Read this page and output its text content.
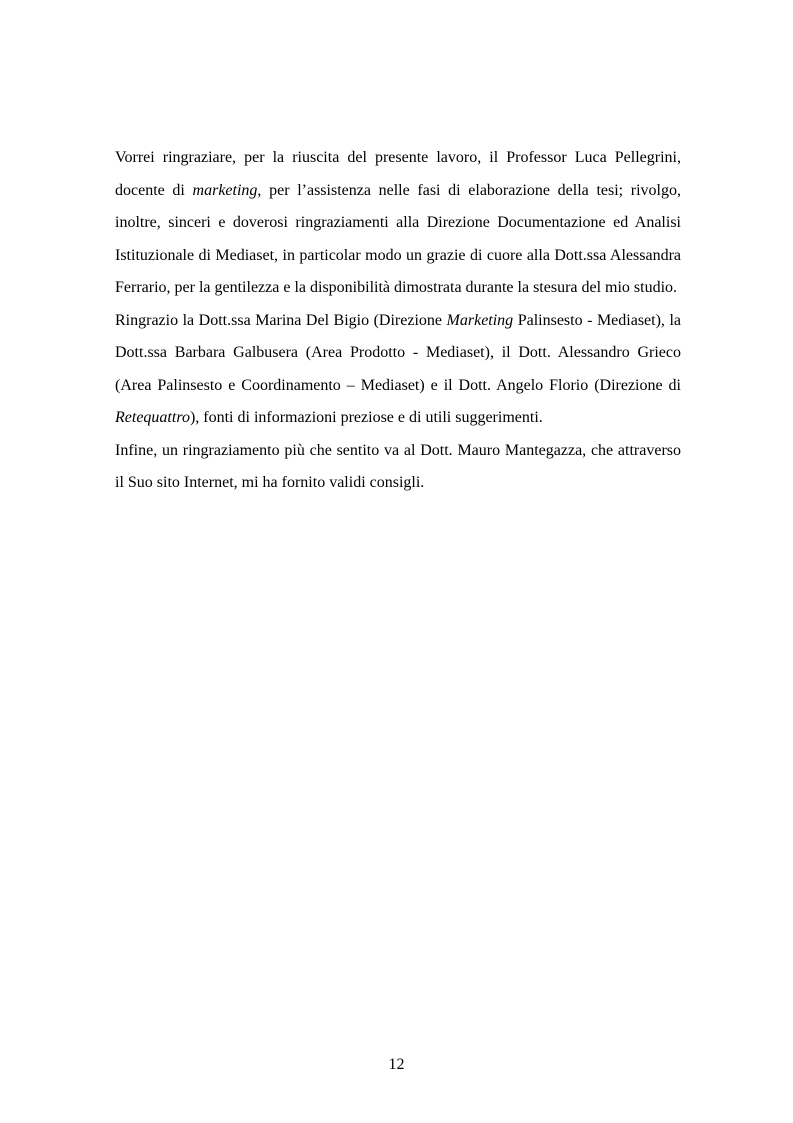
Vorrei ringraziare, per la riuscita del presente lavoro, il Professor Luca Pellegrini,
docente di marketing, per l’assistenza nelle fasi di elaborazione della tesi; rivolgo,
inoltre, sinceri e doverosi ringraziamenti alla Direzione Documentazione ed Analisi
Istituzionale di Mediaset, in particolar modo un grazie di cuore alla Dott.ssa Alessandra
Ferrario, per la gentilezza e la disponibilità dimostrata durante la stesura del mio studio.
Ringrazio la Dott.ssa Marina Del Bigio (Direzione Marketing Palinsesto - Mediaset), la
Dott.ssa Barbara Galbusera (Area Prodotto - Mediaset), il Dott. Alessandro Grieco
(Area Palinsesto e Coordinamento – Mediaset) e il Dott. Angelo Florio (Direzione di
Retequattro), fonti di informazioni preziose e di utili suggerimenti.
Infine, un ringraziamento più che sentito va al Dott. Mauro Mantegazza, che attraverso
il Suo sito Internet, mi ha fornito validi consigli.
12
